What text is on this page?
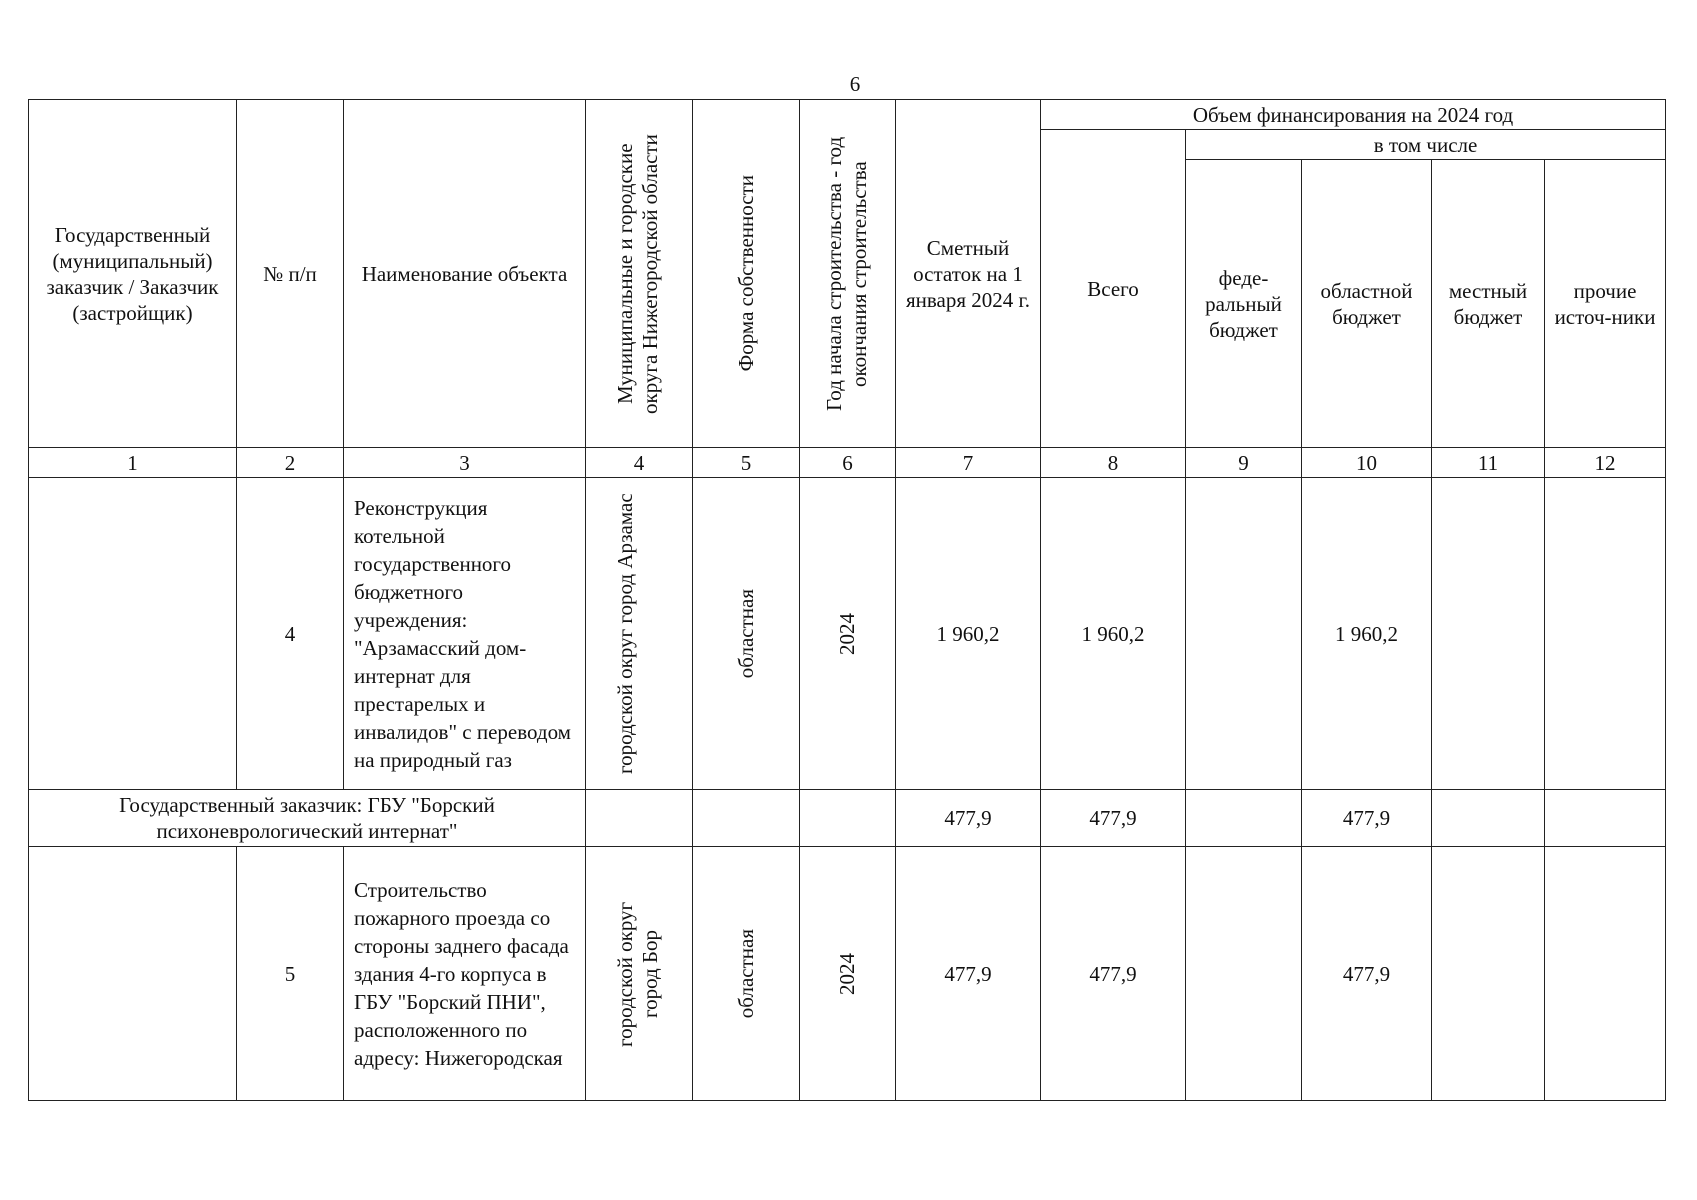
6
Государственный (муниципальный) заказчик / Заказчик (застройщик)	№ п/п	Наименование объекта	Муниципальные и городские округа Нижегородской области	Форма собственности	Год начала строительства - год окончания строительства	Сметный остаток на 1 января 2024 г.	Объем финансирования на 2024 год				
							Всего	в том числе			
								феде-ральный бюджет	областной бюджет	местный бюджет	прочие источ-ники
1	2	3	4	5	6	7	8	9	10	11	12
	4	Реконструкция котельной государственного бюджетного учреждения: "Арзамасский дом-интернат для престарелых и инвалидов" с переводом на природный газ	городской округ город Арзамас	областная	2024	1 960,2	1 960,2		1 960,2		
Государственный заказчик: ГБУ "Борский психоневрологический интернат"						477,9	477,9		477,9		
	5	Строительство пожарного проезда со стороны заднего фасада здания 4-го корпуса в ГБУ "Борский ПНИ", расположенного по адресу: Нижегородская	городской округ город Бор	областная	2024	477,9	477,9		477,9		
